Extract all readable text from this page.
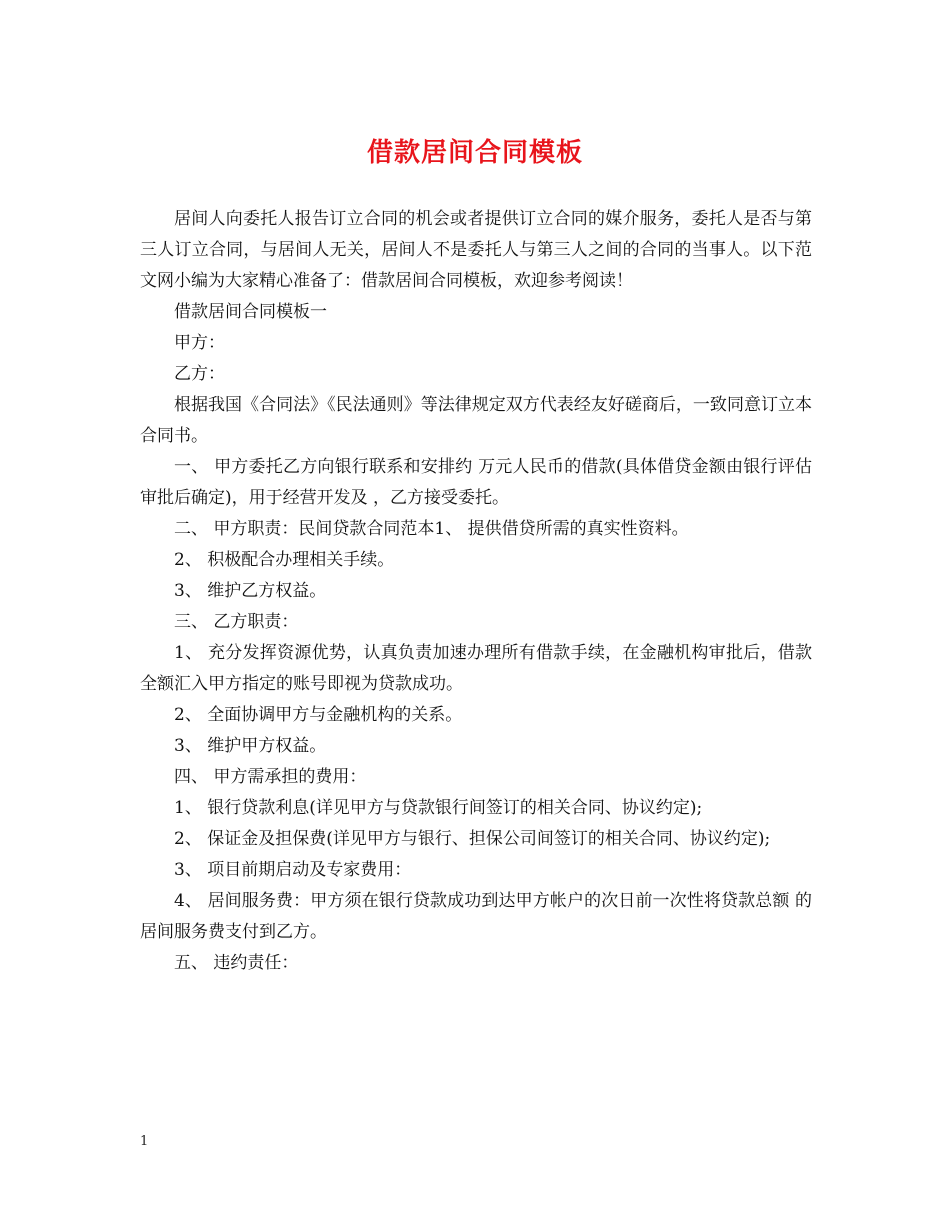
借款居间合同模板

居间人向委托人报告订立合同的机会或者提供订立合同的媒介服务，委托人是否与第三人订立合同，与居间人无关，居间人不是委托人与第三人之间的合同的当事人。以下范文网小编为大家精心准备了：借款居间合同模板，欢迎参考阅读！

借款居间合同模板一

甲方：

乙方：

根据我国《合同法》《民法通则》等法律规定双方代表经友好磋商后，一致同意订立本合同书。

一、 甲方委托乙方向银行联系和安排约 万元人民币的借款(具体借贷金额由银行评估审批后确定)，用于经营开发及 ，乙方接受委托。

二、 甲方职责：民间贷款合同范本1、 提供借贷所需的真实性资料。

2、 积极配合办理相关手续。

3、 维护乙方权益。

三、 乙方职责：

1、 充分发挥资源优势，认真负责加速办理所有借款手续，在金融机构审批后，借款全额汇入甲方指定的账号即视为贷款成功。

2、 全面协调甲方与金融机构的关系。

3、 维护甲方权益。

四、 甲方需承担的费用：

1、 银行贷款利息(详见甲方与贷款银行间签订的相关合同、协议约定);

2、 保证金及担保费(详见甲方与银行、担保公司间签订的相关合同、协议约定);

3、 项目前期启动及专家费用：

4、 居间服务费：甲方须在银行贷款成功到达甲方帐户的次日前一次性将贷款总额 的居间服务费支付到乙方。

五、 违约责任：

1
